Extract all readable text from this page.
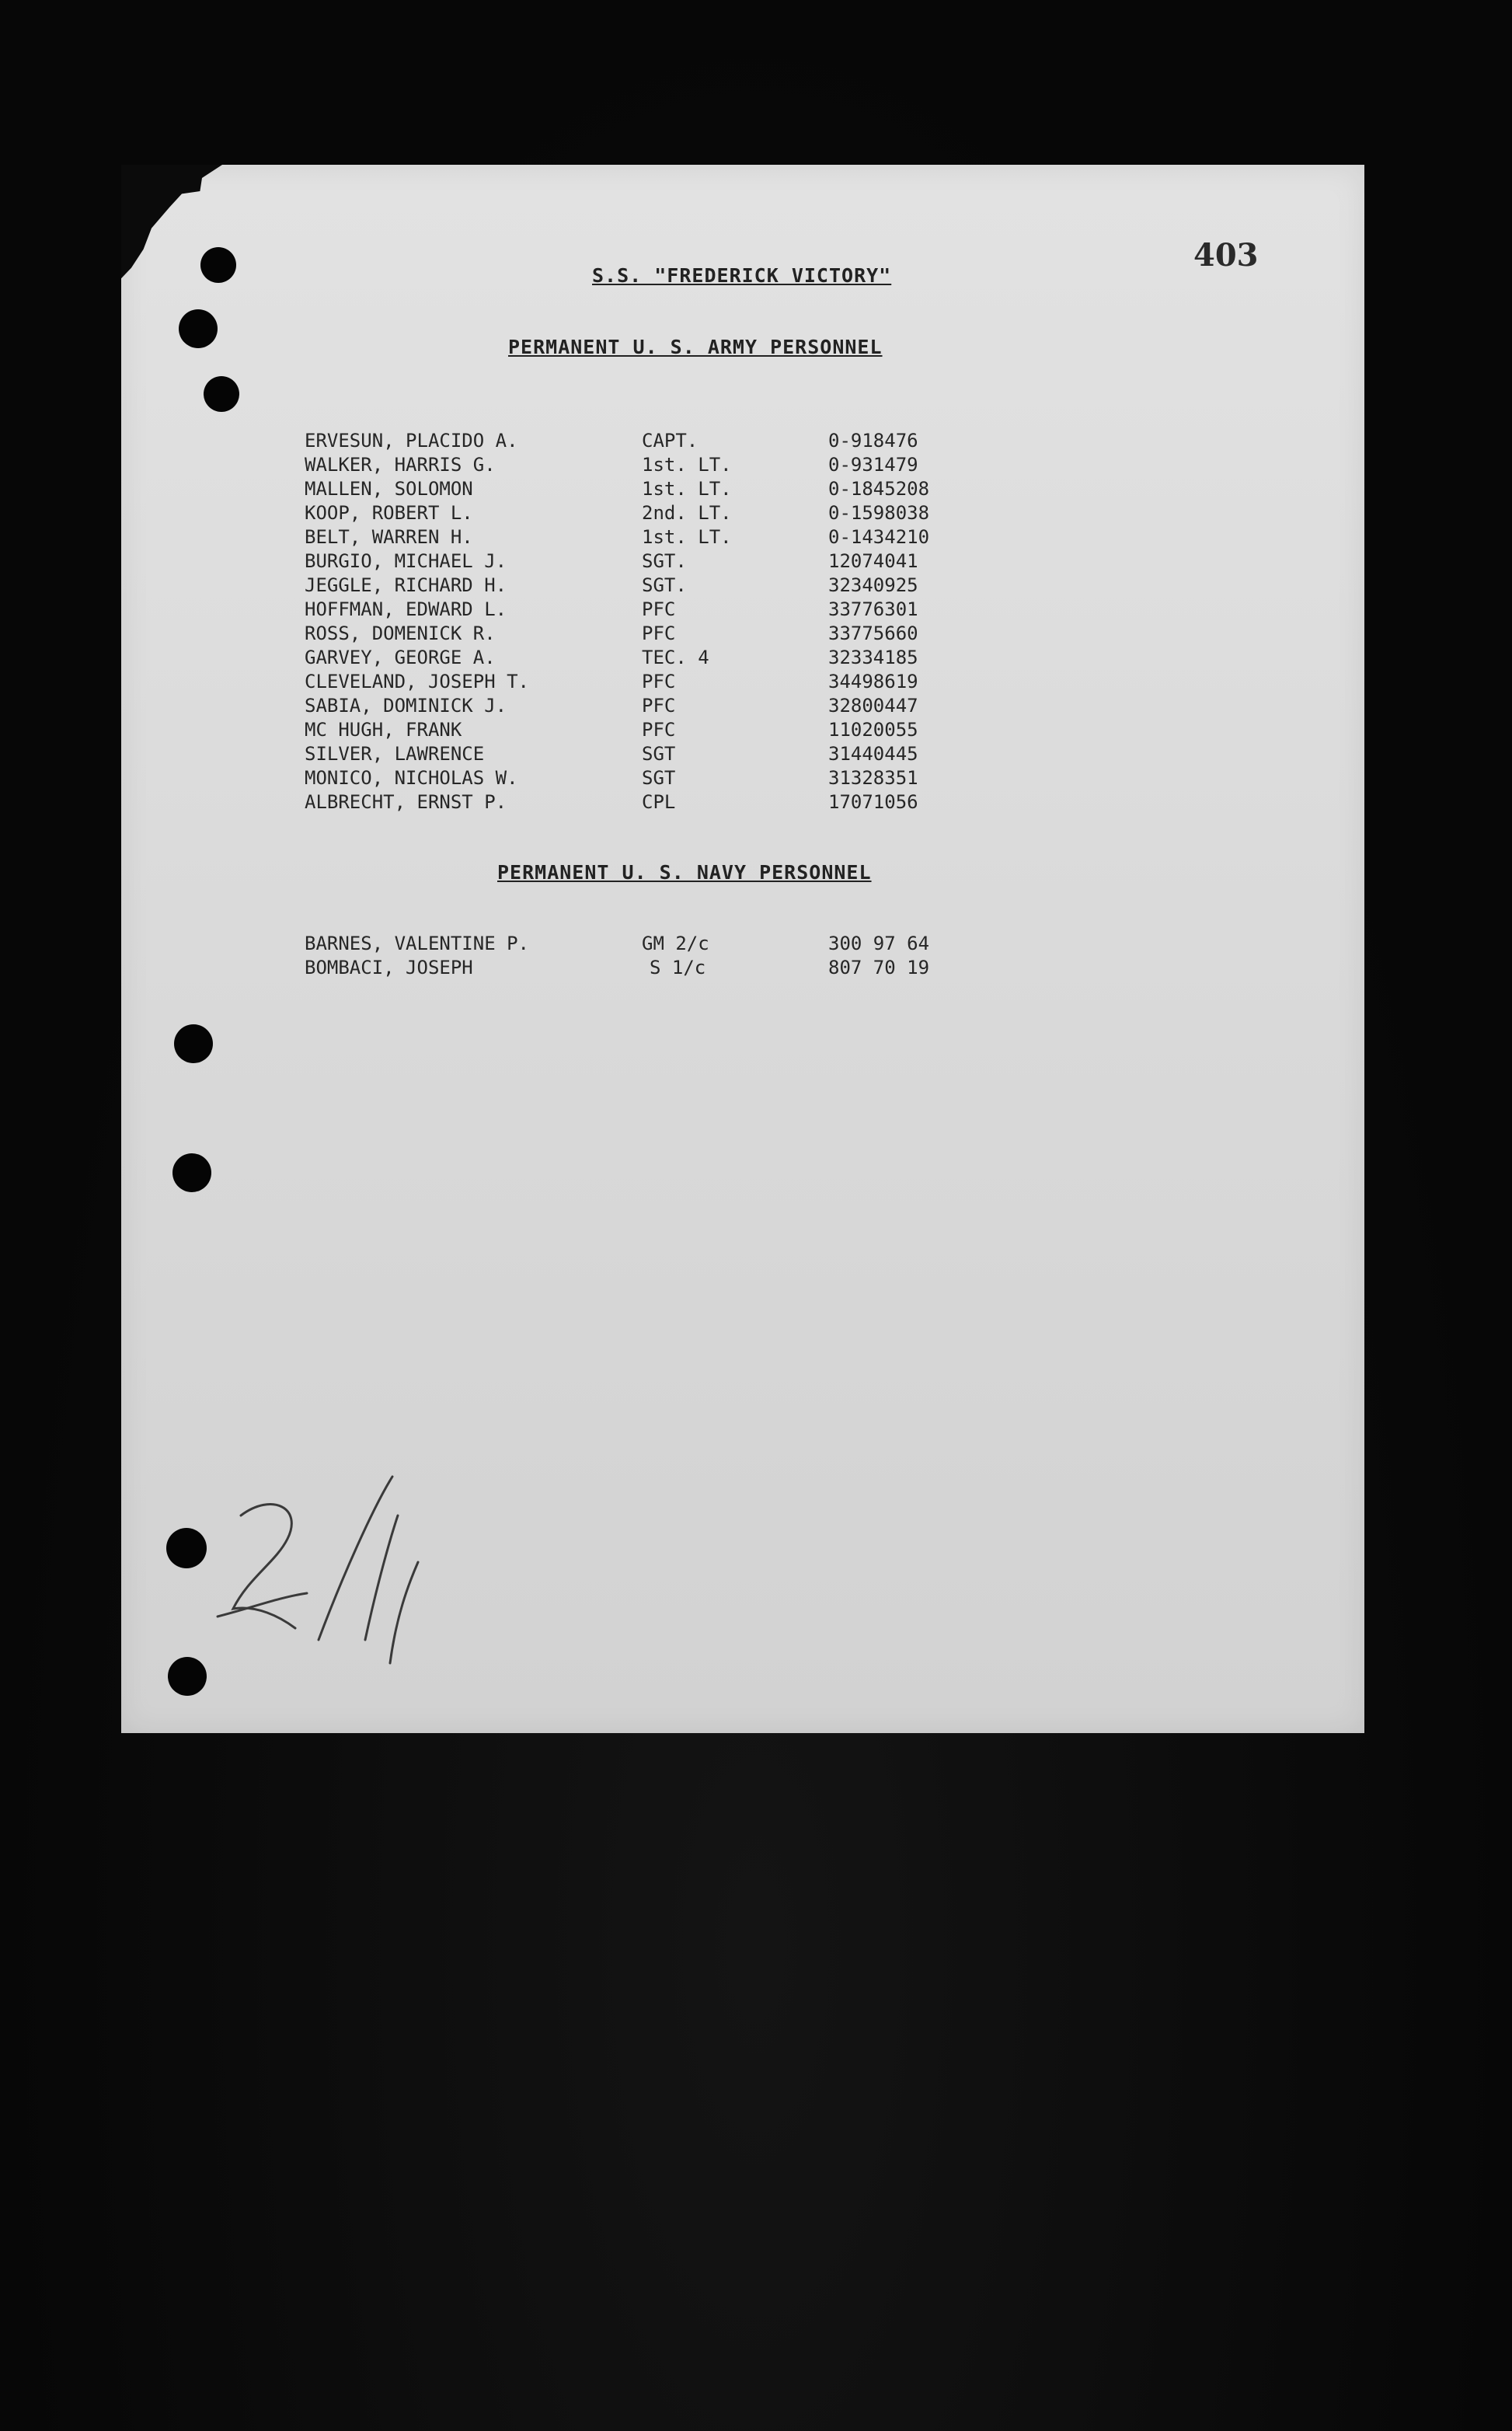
403
S.S. "FREDERICK VICTORY"
PERMANENT U. S. ARMY PERSONNEL
ERVESUN, PLACIDO A.	CAPT.	0-918476
WALKER, HARRIS G.	1st. LT.	0-931479
MALLEN, SOLOMON	1st. LT.	0-1845208
KOOP, ROBERT L.	2nd. LT.	0-1598038
BELT, WARREN H.	1st. LT.	0-1434210
BURGIO, MICHAEL J.	SGT.	12074041
JEGGLE, RICHARD H.	SGT.	32340925
HOFFMAN, EDWARD L.	PFC	33776301
ROSS, DOMENICK R.	PFC	33775660
GARVEY, GEORGE A.	TEC. 4	32334185
CLEVELAND, JOSEPH T.	PFC	34498619
SABIA, DOMINICK J.	PFC	32800447
MC HUGH, FRANK	PFC	11020055
SILVER, LAWRENCE	SGT	31440445
MONICO, NICHOLAS W.	SGT	31328351
ALBRECHT, ERNST P.	CPL	17071056
PERMANENT U. S. NAVY PERSONNEL
BARNES, VALENTINE P.	GM 2/c	300 97 64
BOMBACI, JOSEPH	S 1/c	807 70 19
